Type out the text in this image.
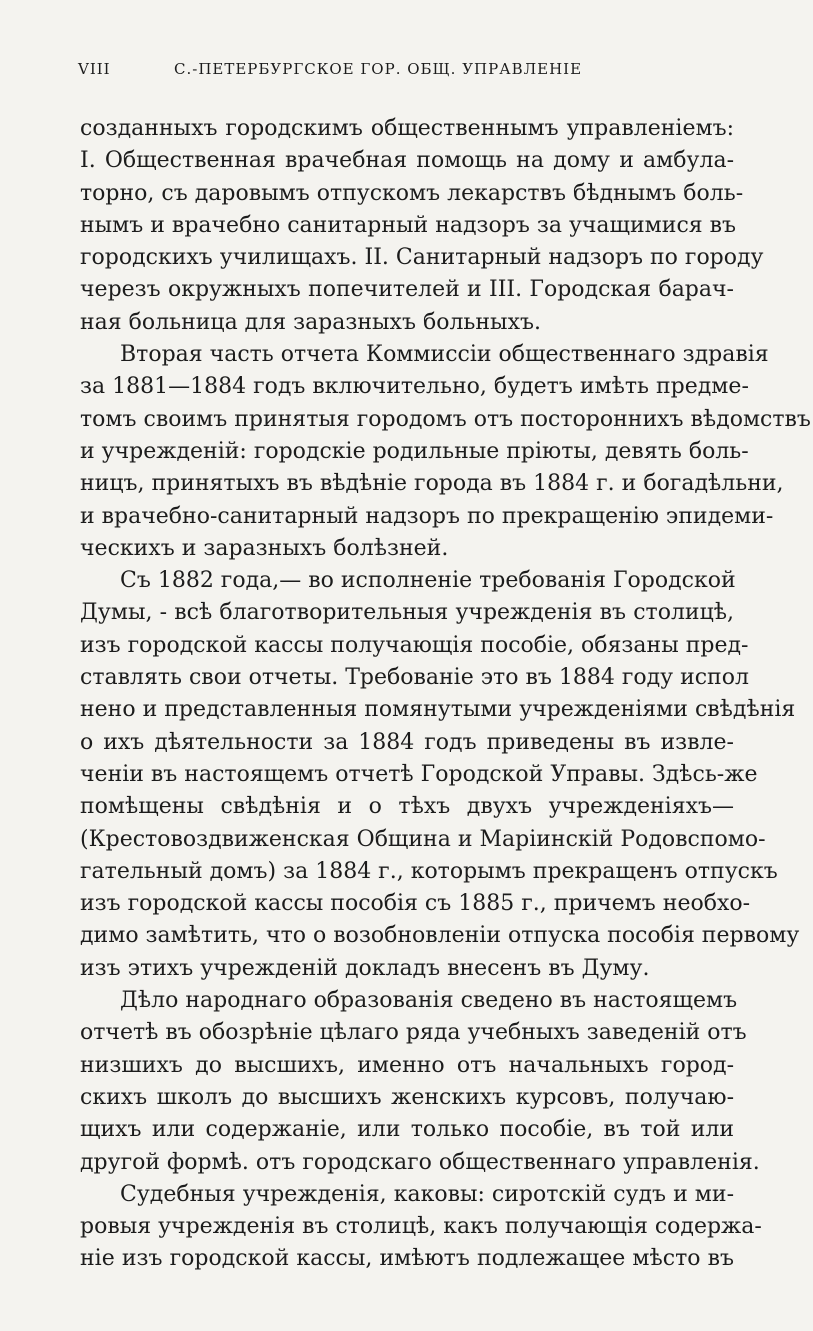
VIII	С.-ПЕТЕРБУРГСКОЕ ГОР. ОБЩ. УПРАВЛЕНІЕ
созданныхъ городскимъ общественнымъ управленіемъ:
I. Общественная врачебная помощь на дому и амбула-
торно, съ даровымъ отпускомъ лекарствъ бѣднымъ боль-
нымъ и врачебно санитарный надзоръ за учащимися въ
городскихъ училищахъ. II. Санитарный надзоръ по городу
черезъ окружныхъ попечителей и III. Городская барач-
ная больница для заразныхъ больныхъ.
Вторая часть отчета Коммиссіи общественнаго здравія
за 1881—1884 годъ включительно, будетъ имѣть предме-
томъ своимъ принятыя городомъ отъ постороннихъ вѣдомствъ
и учрежденій: городскіе родильные пріюты, девять боль-
ницъ, принятыхъ въ вѣдѣніе города въ 1884 г. и богадѣльни,
и врачебно-санитарный надзоръ по прекращенію эпидеми-
ческихъ и заразныхъ болѣзней.
Съ 1882 года,— во исполненіе требованія Городской
Думы, - всѣ благотворительныя учрежденія въ столицѣ,
изъ городской кассы получающія пособіе, обязаны пред-
ставлять свои отчеты. Требованіе это въ 1884 году испол
нено и представленныя помянутыми учрежденіями свѣдѣнія
о ихъ дѣятельности за 1884 годъ приведены въ извле-
ченіи въ настоящемъ отчетѣ Городской Управы. Здѣсь-же
помѣщены свѣдѣнія и о тѣхъ двухъ учрежденіяхъ—
(Крестовоздвиженская Община и Маріинскій Родовспомо-
гательный домъ) за 1884 г., которымъ прекращенъ отпускъ
изъ городской кассы пособія съ 1885 г., причемъ необхо-
димо замѣтить, что о возобновленіи отпуска пособія первому
изъ этихъ учрежденій докладъ внесенъ въ Думу.
Дѣло народнаго образованія сведено въ настоящемъ
отчетѣ въ обозрѣніе цѣлаго ряда учебныхъ заведеній отъ
низшихъ до высшихъ, именно отъ начальныхъ город-
скихъ школъ до высшихъ женскихъ курсовъ, получаю-
щихъ или содержаніе, или только пособіе, въ той или
другой формѣ. отъ городскаго общественнаго управленія.
Судебныя учрежденія, каковы: сиротскій судъ и ми-
ровыя учрежденія въ столицѣ, какъ получающія содержа-
ніе изъ городской кассы, имѣютъ подлежащее мѣсто въ
